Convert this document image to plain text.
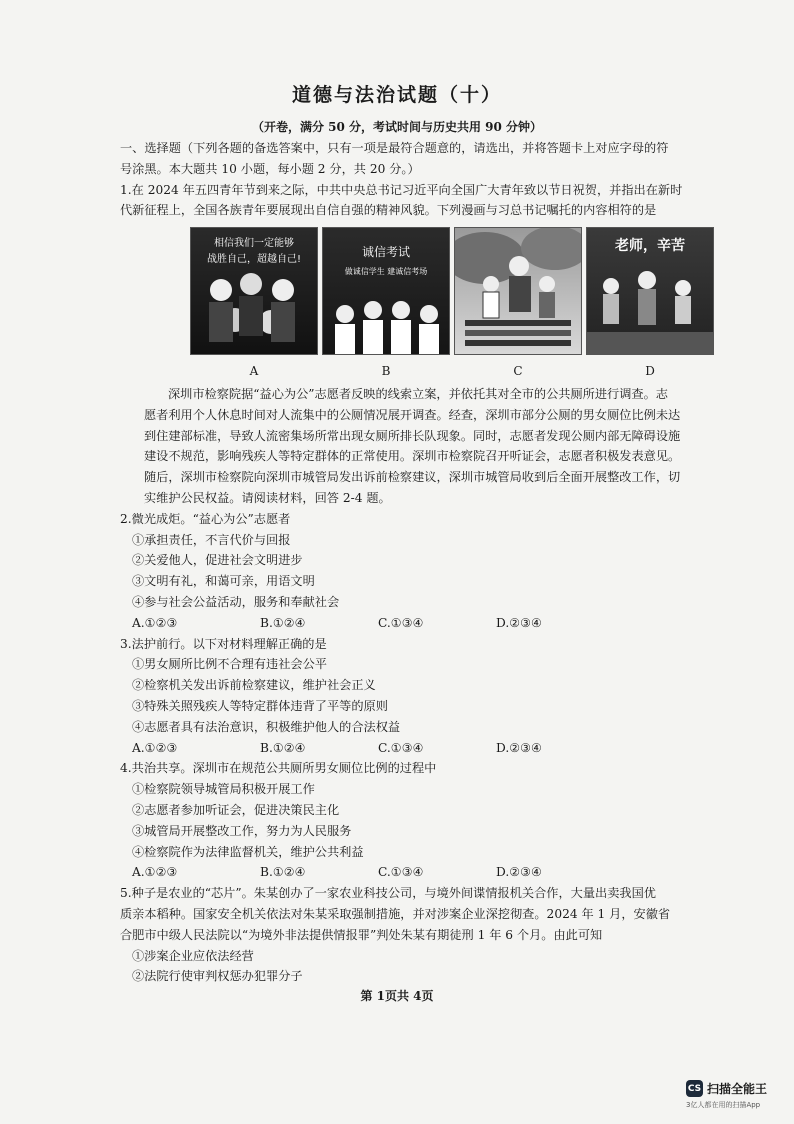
道德与法治试题（十）
（开卷，满分 50 分，考试时间与历史共用 90 分钟）
一、选择题（下列各题的备选答案中，只有一项是最符合题意的，请选出，并将答题卡上对应字母的符
号涂黑。本大题共 10 小题，每小题 2 分，共 20 分。）
1.在 2024 年五四青年节到来之际，中共中央总书记习近平向全国广大青年致以节日祝贺，并指出在新时
代新征程上，全国各族青年要展现出自信自强的精神风貌。下列漫画与习总书记嘱托的内容相符的是
相信我们一定能够
战胜自己，超越自己!
诚信考试
做诚信学生 建诚信考场
老师，辛苦
A	B	C	D
深圳市检察院据“益心为公”志愿者反映的线索立案，并依托其对全市的公共厕所进行调查。志
愿者利用个人休息时间对人流集中的公厕情况展开调查。经查，深圳市部分公厕的男女厕位比例未达
到住建部标准，导致人流密集场所常出现女厕所排长队现象。同时，志愿者发现公厕内部无障碍设施
建设不规范，影响残疾人等特定群体的正常使用。深圳市检察院召开听证会，志愿者积极发表意见。
随后，深圳市检察院向深圳市城管局发出诉前检察建议，深圳市城管局收到后全面开展整改工作，切
实维护公民权益。请阅读材料，回答 2-4 题。
2.微光成炬。“益心为公”志愿者
①承担责任，不言代价与回报
②关爱他人，促进社会文明进步
③文明有礼，和蔼可亲，用语文明
④参与社会公益活动，服务和奉献社会
A.①②③	B.①②④	C.①③④	D.②③④
3.法护前行。以下对材料理解正确的是
①男女厕所比例不合理有违社会公平
②检察机关发出诉前检察建议，维护社会正义
③特殊关照残疾人等特定群体违背了平等的原则
④志愿者具有法治意识，积极维护他人的合法权益
A.①②③	B.①②④	C.①③④	D.②③④
4.共治共享。深圳市在规范公共厕所男女厕位比例的过程中
①检察院领导城管局积极开展工作
②志愿者参加听证会，促进决策民主化
③城管局开展整改工作，努力为人民服务
④检察院作为法律监督机关，维护公共利益
A.①②③	B.①②④	C.①③④	D.②③④
5.种子是农业的“芯片”。朱某创办了一家农业科技公司，与境外间谍情报机关合作，大量出卖我国优
质亲本稻种。国家安全机关依法对朱某采取强制措施，并对涉案企业深挖彻查。2024 年 1 月，安徽省
合肥市中级人民法院以“为境外非法提供情报罪”判处朱某有期徒刑 1 年 6 个月。由此可知
①涉案企业应依法经营
②法院行使审判权惩办犯罪分子
第 1页共 4页
CS 扫描全能王
3亿人都在用的扫描App
